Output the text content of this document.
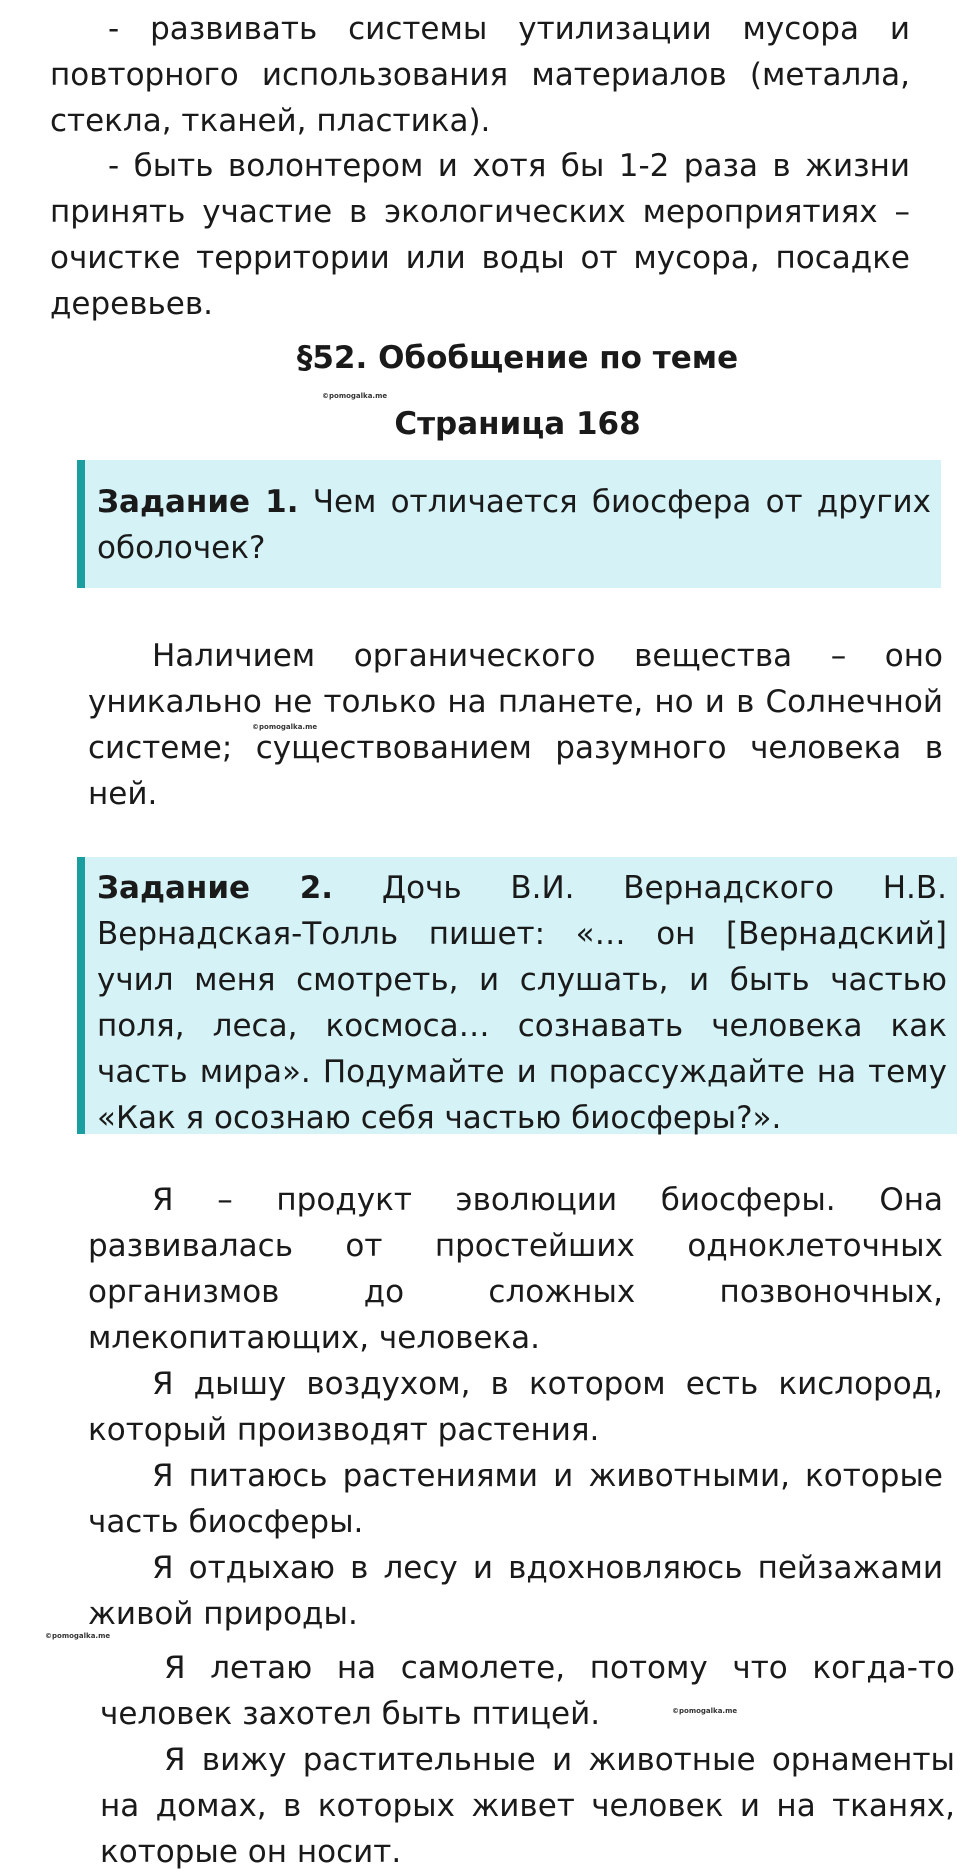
- развивать системы утилизации мусора и повторного использования материалов (металла, стекла, тканей, пластика).

- быть волонтером и хотя бы 1-2 раза в жизни принять участие в экологических мероприятиях – очистке территории или воды от мусора, посадке деревьев.

§52. Обобщение по теме
©pomogalka.me
Страница 168
Задание 1. Чем отличается биосфера от других оболочек?

Наличием органического вещества – оно уникально не только на планете, но и в Солнечной системе; существованием разумного человека в ней.

©pomogalka.me
Задание 2. Дочь В.И. Вернадского Н.В. Вернадская-Толль пишет: «… он [Вернадский] учил меня смотреть, и слушать, и быть частью поля, леса, космоса… сознавать человека как часть мира». Подумайте и порассуждайте на тему «Как я осознаю себя частью биосферы?».

Я – продукт эволюции биосферы. Она развивалась от простейших одноклеточных организмов до сложных позвоночных, млекопитающих, человека.

Я дышу воздухом, в котором есть кислород, который производят растения.

Я питаюсь растениями и животными, которые часть биосферы.

Я отдыхаю в лесу и вдохновляюсь пейзажами живой природы.

©pomogalka.me

Я летаю на самолете, потому что когда-то человек захотел быть птицей.	©pomogalka.me

Я вижу растительные и животные орнаменты на домах, в которых живет человек и на тканях, которые он носит.
